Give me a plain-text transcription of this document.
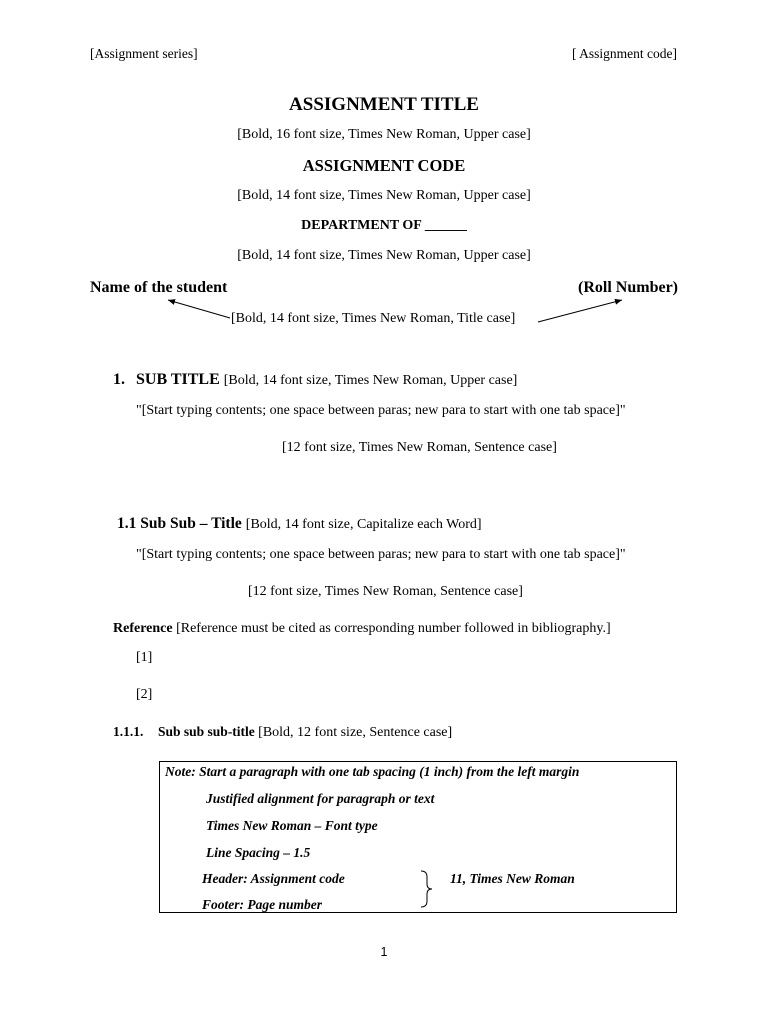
[Assignment series]	[ Assignment code]
ASSIGNMENT TITLE
[Bold, 16 font size, Times New Roman, Upper case]
ASSIGNMENT CODE
[Bold, 14 font size, Times New Roman, Upper case]
DEPARTMENT OF ______
[Bold, 14 font size, Times New Roman, Upper case]
Name of the student	(Roll Number)
[Bold, 14 font size, Times New Roman, Title case]
1. SUB TITLE [Bold, 14 font size, Times New Roman, Upper case]
"[Start typing contents; one space between paras; new para to start with one tab space]"
[12 font size, Times New Roman, Sentence case]
1.1 Sub Sub – Title [Bold, 14 font size, Capitalize each Word]
"[Start typing contents; one space between paras; new para to start with one tab space]"
[12 font size, Times New Roman, Sentence case]
Reference [Reference must be cited as corresponding number followed in bibliography.]
[1]
[2]
1.1.1. Sub sub sub-title [Bold, 12 font size, Sentence case]
Note: Start a paragraph with one tab spacing (1 inch) from the left margin
Justified alignment for paragraph or text
Times New Roman – Font type
Line Spacing – 1.5
Header: Assignment code
Footer: Page number
11, Times New Roman
1
